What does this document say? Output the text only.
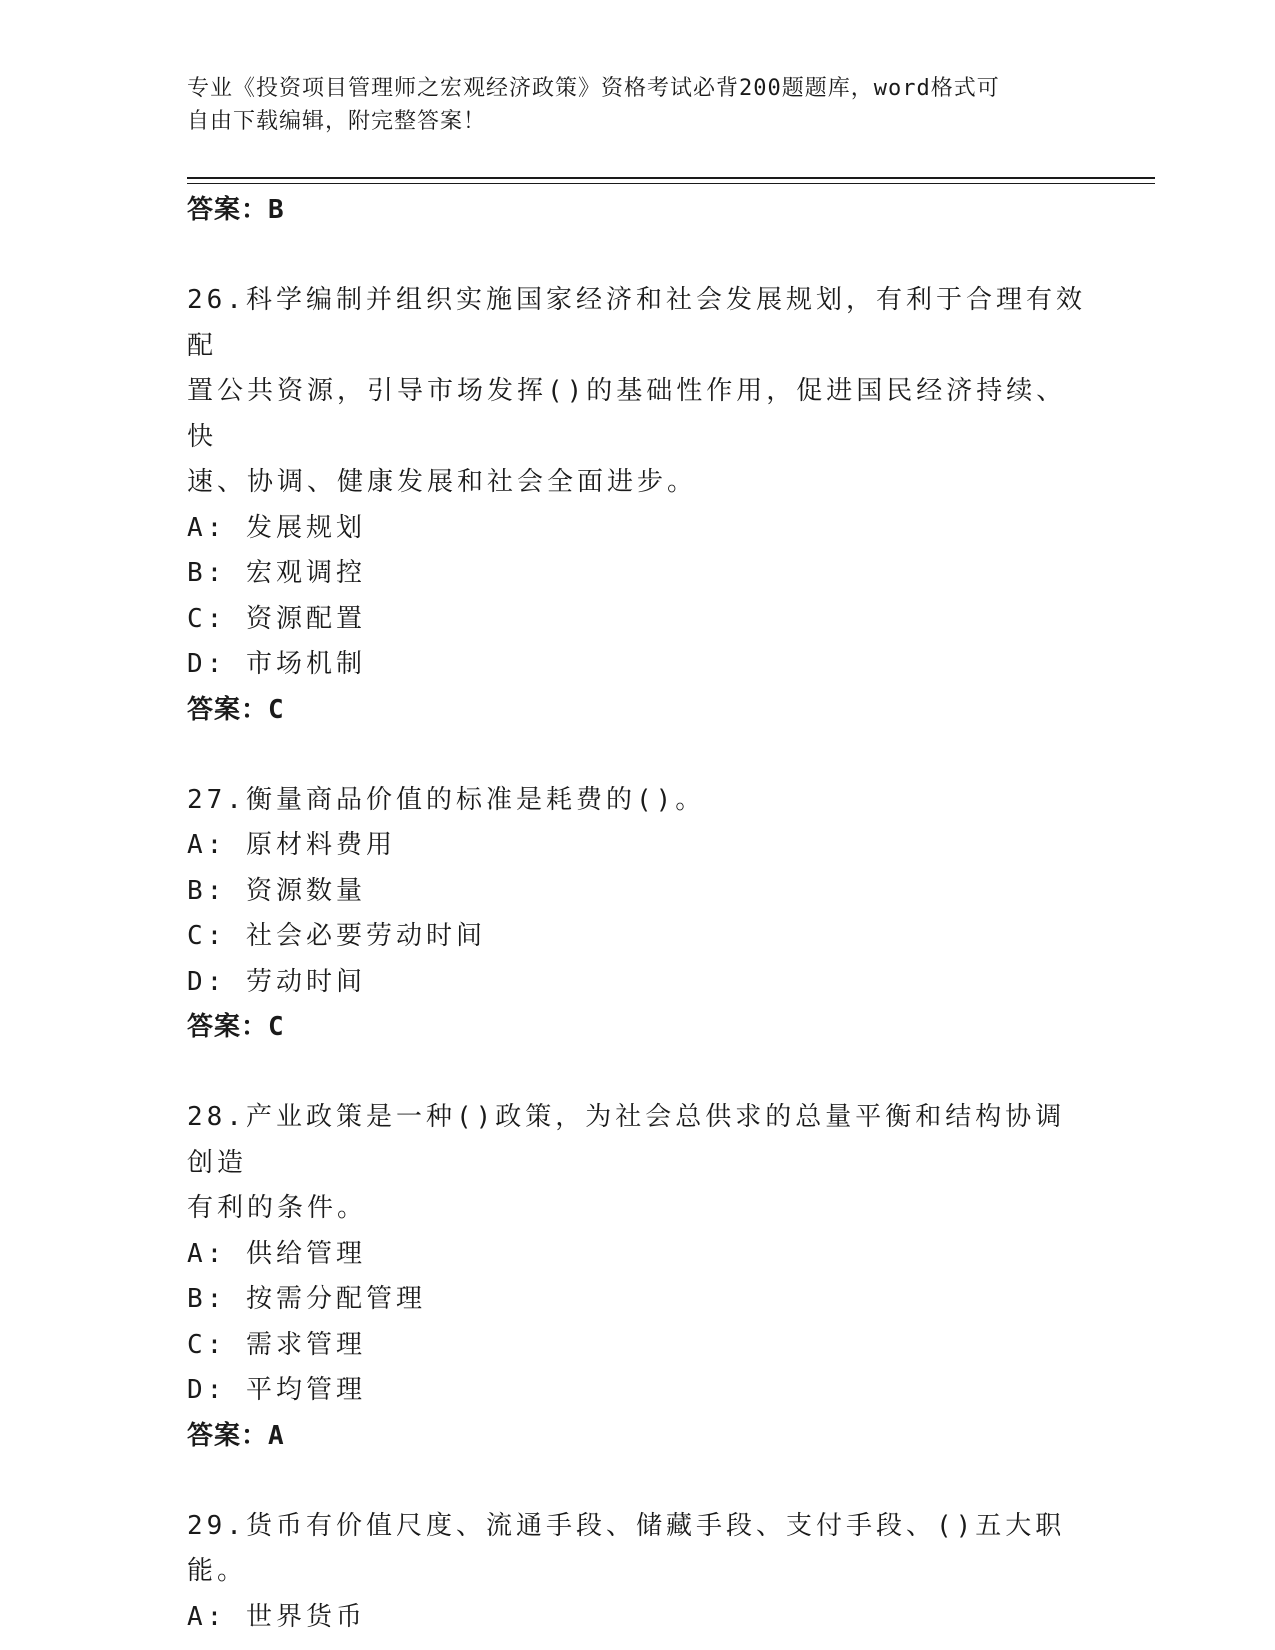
专业《投资项目管理师之宏观经济政策》资格考试必背200题题库，word格式可
自由下载编辑，附完整答案！
答案：B
26.科学编制并组织实施国家经济和社会发展规划，有利于合理有效配
置公共资源，引导市场发挥()的基础性作用，促进国民经济持续、快
速、协调、健康发展和社会全面进步。
A: 发展规划
B: 宏观调控
C: 资源配置
D: 市场机制
答案：C
27.衡量商品价值的标准是耗费的()。
A: 原材料费用
B: 资源数量
C: 社会必要劳动时间
D: 劳动时间
答案：C
28.产业政策是一种()政策，为社会总供求的总量平衡和结构协调创造
有利的条件。
A: 供给管理
B: 按需分配管理
C: 需求管理
D: 平均管理
答案：A
29.货币有价值尺度、流通手段、储藏手段、支付手段、()五大职能。
A: 世界货币
